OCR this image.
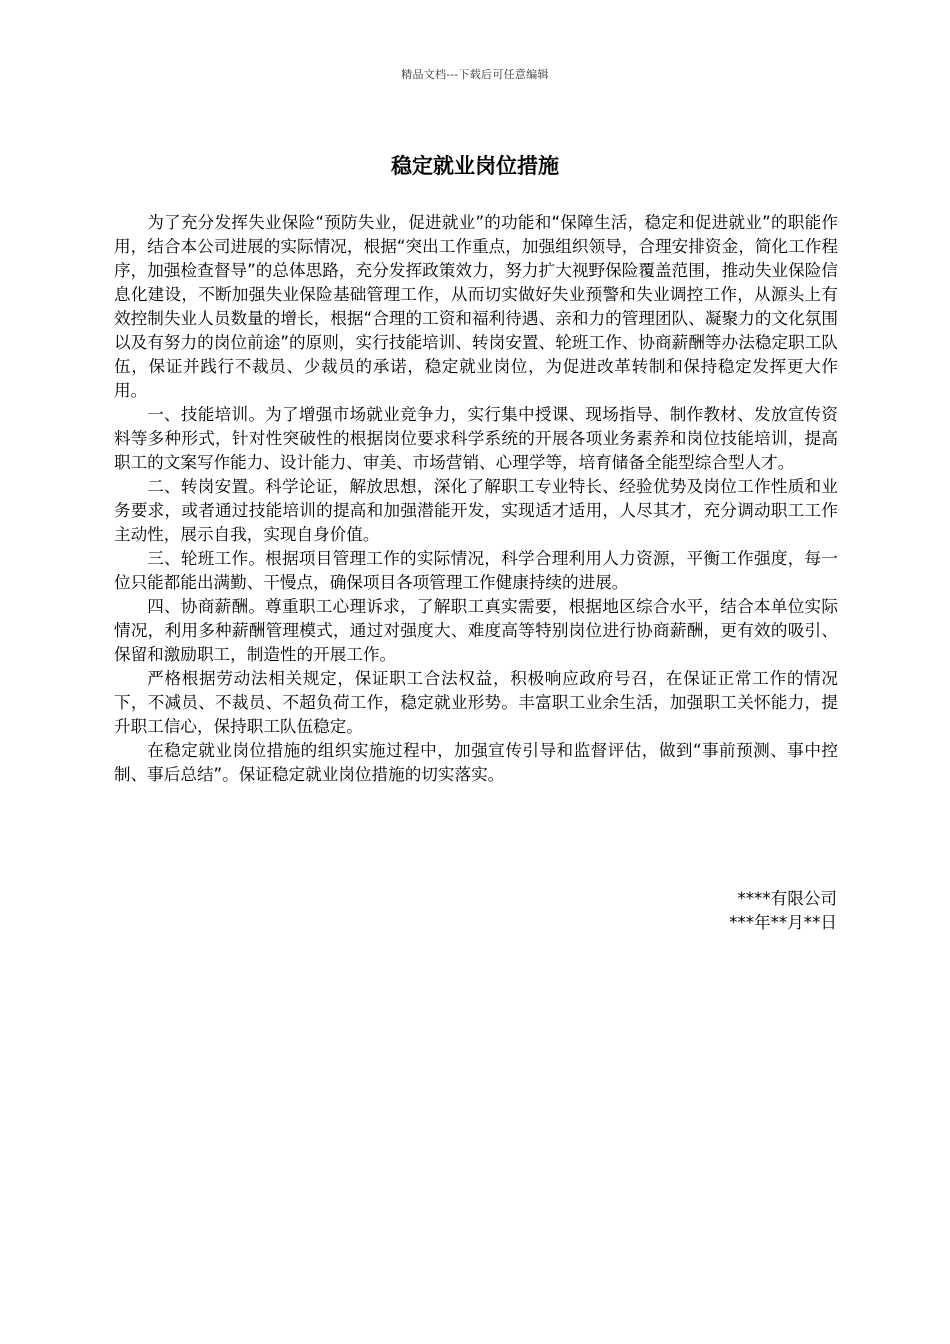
精品文档---下载后可任意编辑
稳定就业岗位措施

为了充分发挥失业保险“预防失业，促进就业”的功能和“保障生活，稳定和促进就业”的职能作用，结合本公司进展的实际情况，根据“突出工作重点，加强组织领导，合理安排资金，简化工作程序，加强检查督导”的总体思路，充分发挥政策效力，努力扩大视野保险覆盖范围，推动失业保险信息化建设，不断加强失业保险基础管理工作，从而切实做好失业预警和失业调控工作，从源头上有效控制失业人员数量的增长，根据“合理的工资和福利待遇、亲和力的管理团队、凝聚力的文化氛围以及有努力的岗位前途”的原则，实行技能培训、转岗安置、轮班工作、协商薪酬等办法稳定职工队伍，保证并践行不裁员、少裁员的承诺，稳定就业岗位，为促进改革转制和保持稳定发挥更大作用。

一、技能培训。为了增强市场就业竞争力，实行集中授课、现场指导、制作教材、发放宣传资料等多种形式，针对性突破性的根据岗位要求科学系统的开展各项业务素养和岗位技能培训，提高职工的文案写作能力、设计能力、审美、市场营销、心理学等，培育储备全能型综合型人才。

二、转岗安置。科学论证，解放思想，深化了解职工专业特长、经验优势及岗位工作性质和业务要求，或者通过技能培训的提高和加强潜能开发，实现适才适用，人尽其才，充分调动职工工作主动性，展示自我，实现自身价值。

三、轮班工作。根据项目管理工作的实际情况，科学合理利用人力资源，平衡工作强度，每一位只能都能出满勤、干慢点，确保项目各项管理工作健康持续的进展。

四、协商薪酬。尊重职工心理诉求，了解职工真实需要，根据地区综合水平，结合本单位实际情况，利用多种薪酬管理模式，通过对强度大、难度高等特别岗位进行协商薪酬，更有效的吸引、保留和激励职工，制造性的开展工作。

严格根据劳动法相关规定，保证职工合法权益，积极响应政府号召，在保证正常工作的情况下，不减员、不裁员、不超负荷工作，稳定就业形势。丰富职工业余生活，加强职工关怀能力，提升职工信心，保持职工队伍稳定。

在稳定就业岗位措施的组织实施过程中，加强宣传引导和监督评估，做到“事前预测、事中控制、事后总结”。保证稳定就业岗位措施的切实落实。

****有限公司
***年**月**日
